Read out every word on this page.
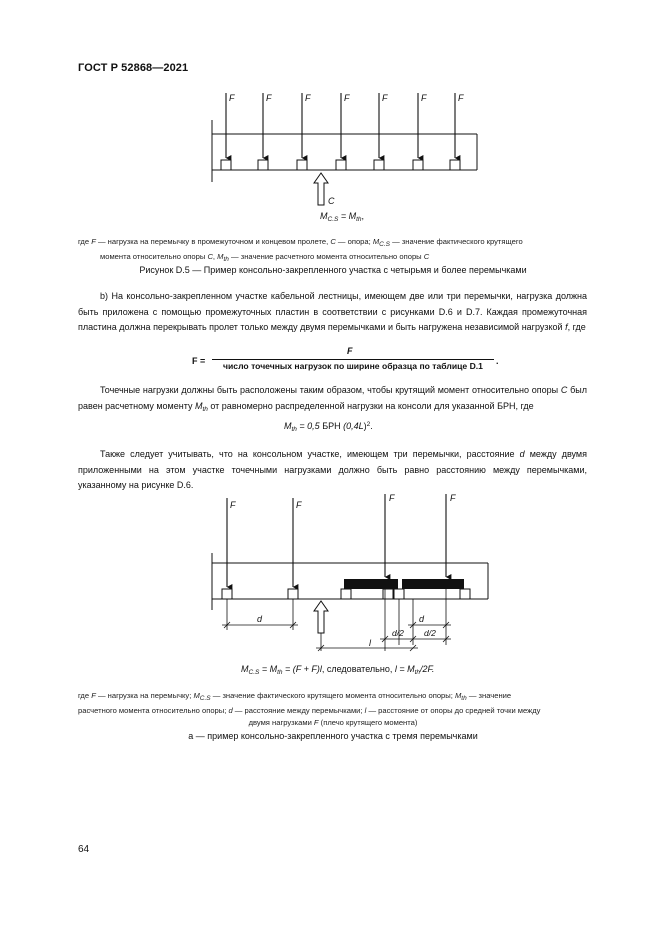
ГОСТ Р 52868—2021
F	F	F	F	F	F	F
C
$M_{C.S} = M_{th}$,
где F — нагрузка на перемычку в промежуточном и концевом пролете, C — опора; $M_{C.S}$ — значение фактического крутящего
момента относительно опоры C, $M_{th}$ — значение расчетного момента относительно опоры C
Рисунок D.5 — Пример консольно-закрепленного участка с четырьмя и более перемычками
b) На консольно-закрепленном участке кабельной лестницы, имеющем две или три перемычки, нагрузка должна быть приложена с помощью промежуточных пластин в соответствии с рисунками D.6 и D.7. Каждая промежуточная пластина должна перекрывать пролет только между двумя перемычками и быть нагружена независимой нагрузкой f, где
F =
F
число точечных нагрузок по ширине образца по таблице D.1	.
Точечные нагрузки должны быть расположены таким образом, чтобы крутящий момент относительно опоры C был равен расчетному моменту $M_{th}$ от равномерно распределенной нагрузки на консоли для указанной БРН, где
$M_{th} = 0,5$ БРН $(0,4L)^2$.
Также следует учитывать, что на консольном участке, имеющем три перемычки, расстояние d между двумя приложенными на этом участке точечными нагрузками должно быть равно расстоянию между перемычками, указанному на рисунке D.6.
F	F
F	F
d	d
d/2 d/2
l
$M_{C.S} = M_{th} = (F + F)l$, следовательно, $l = M_{th}/2F$.
где F — нагрузка на перемычку; $M_{C.S}$ — значение фактического крутящего момента относительно опоры; $M_{th}$ — значение
расчетного момента относительно опоры; d — расстояние между перемычками; l — расстояние от опоры до средней точки между
двумя нагрузками F (плечо крутящего момента)
а — пример консольно-закрепленного участка с тремя перемычками
64
